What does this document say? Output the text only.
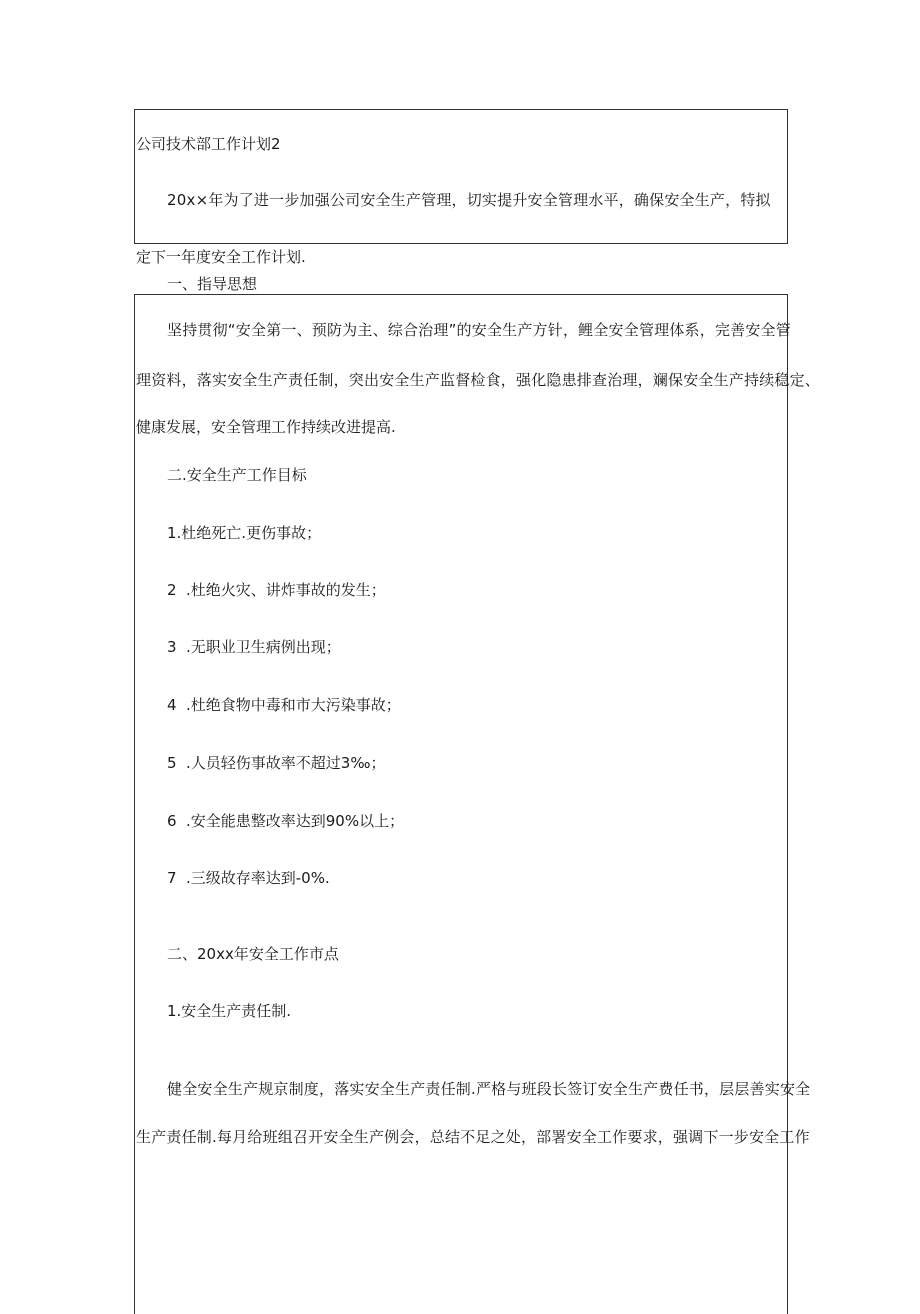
公司技术部工作计划2
20x×年为了进一步加强公司安全生产管理，切实提升安全管理水平，确保安全生产，特拟
定下一年度安全工作计划.
一、指导思想
坚持贯彻“安全第一、预防为主、综合治理”的安全生产方针，鲤全安全管理体系，完善安全管
理资料，落实安全生产责任制，突出安全生产监督检食，强化隐患排查治理，斓保安全生产持续稳定、
健康发展，安全管理工作持续改进提高.
二.安全生产工作目标
1.杜绝死亡.更伤事故；
2 .杜绝火灾、讲炸事故的发生；
3 .无职业卫生病例出现；
4 .杜绝食物中毒和市大污染事故；
5 .人员轻伤事故率不超过3‰；
6 .安全能患整改率达到90%以上；
7 .三级故存率达到-0%.
二、20xx年安全工作市点
1.安全生产责任制.
健全安全生产规京制度，落实安全生产责任制.严格与班段长签订安全生产费任书，层层善实安全
生产责任制.每月给班组召开安全生产例会，总结不足之处，部署安全工作要求，强调下一步安全工作
